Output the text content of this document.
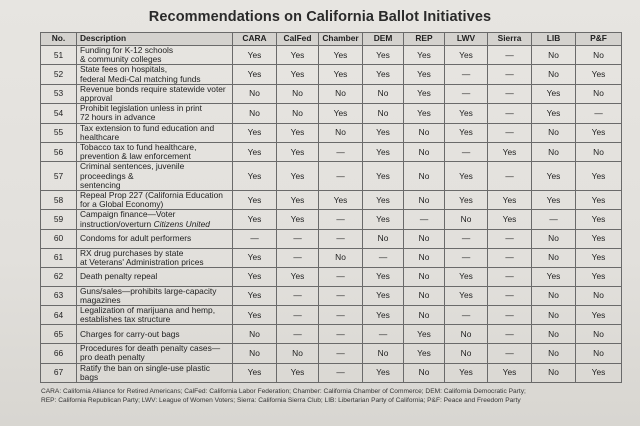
Recommendations on California Ballot Initiatives
No.	Description	CARA	CalFed	Chamber	DEM	REP	LWV	Sierra	LIB	P&F
51	Funding for K-12 schools
& community colleges	Yes	Yes	Yes	Yes	Yes	Yes	—	No	No
52	State fees on hospitals,
federal Medi-Cal matching funds	Yes	Yes	Yes	Yes	Yes	—	—	No	Yes
53	Revenue bonds require statewide voter
approval	No	No	No	No	Yes	—	—	Yes	No
54	Prohibit legislation unless in print
72 hours in advance	No	No	Yes	No	Yes	Yes	—	Yes	—
55	Tax extension to fund education and
healthcare	Yes	Yes	No	Yes	No	Yes	—	No	Yes
56	Tobacco tax to fund healthcare,
prevention & law enforcement	Yes	Yes	—	Yes	No	—	Yes	No	No
57	Criminal sentences, juvenile proceedings &
sentencing	Yes	Yes	—	Yes	No	Yes	—	Yes	Yes
58	Repeal Prop 227 (California Education
for a Global Economy)	Yes	Yes	Yes	Yes	No	Yes	Yes	Yes	Yes
59	Campaign finance—Voter
instruction/overturn Citizens United	Yes	Yes	—	Yes	—	No	Yes	—	Yes
60	Condoms for adult performers	—	—	—	No	No	—	—	No	Yes
61	RX drug purchases by state
at Veterans' Administration prices	Yes	—	No	—	No	—	—	No	Yes
62	Death penalty repeal	Yes	Yes	—	Yes	No	Yes	—	Yes	Yes
63	Guns/sales—prohibits large-capacity
magazines	Yes	—	—	Yes	No	Yes	—	No	No
64	Legalization of marijuana and hemp,
establishes tax structure	Yes	—	—	Yes	No	—	—	No	Yes
65	Charges for carry-out bags	No	—	—	—	Yes	No	—	No	No
66	Procedures for death penalty cases—
pro death penalty	No	No	—	No	Yes	No	—	No	No
67	Ratify the ban on single-use plastic bags	Yes	Yes	—	Yes	No	Yes	Yes	No	Yes
CARA: California Alliance for Retired Americans; CalFed: California Labor Federation; Chamber: California Chamber of Commerce; DEM: California Democratic Party;
REP: California Republican Party; LWV: League of Women Voters; Sierra: California Sierra Club; LIB: Libertarian Party of California; P&F: Peace and Freedom Party
